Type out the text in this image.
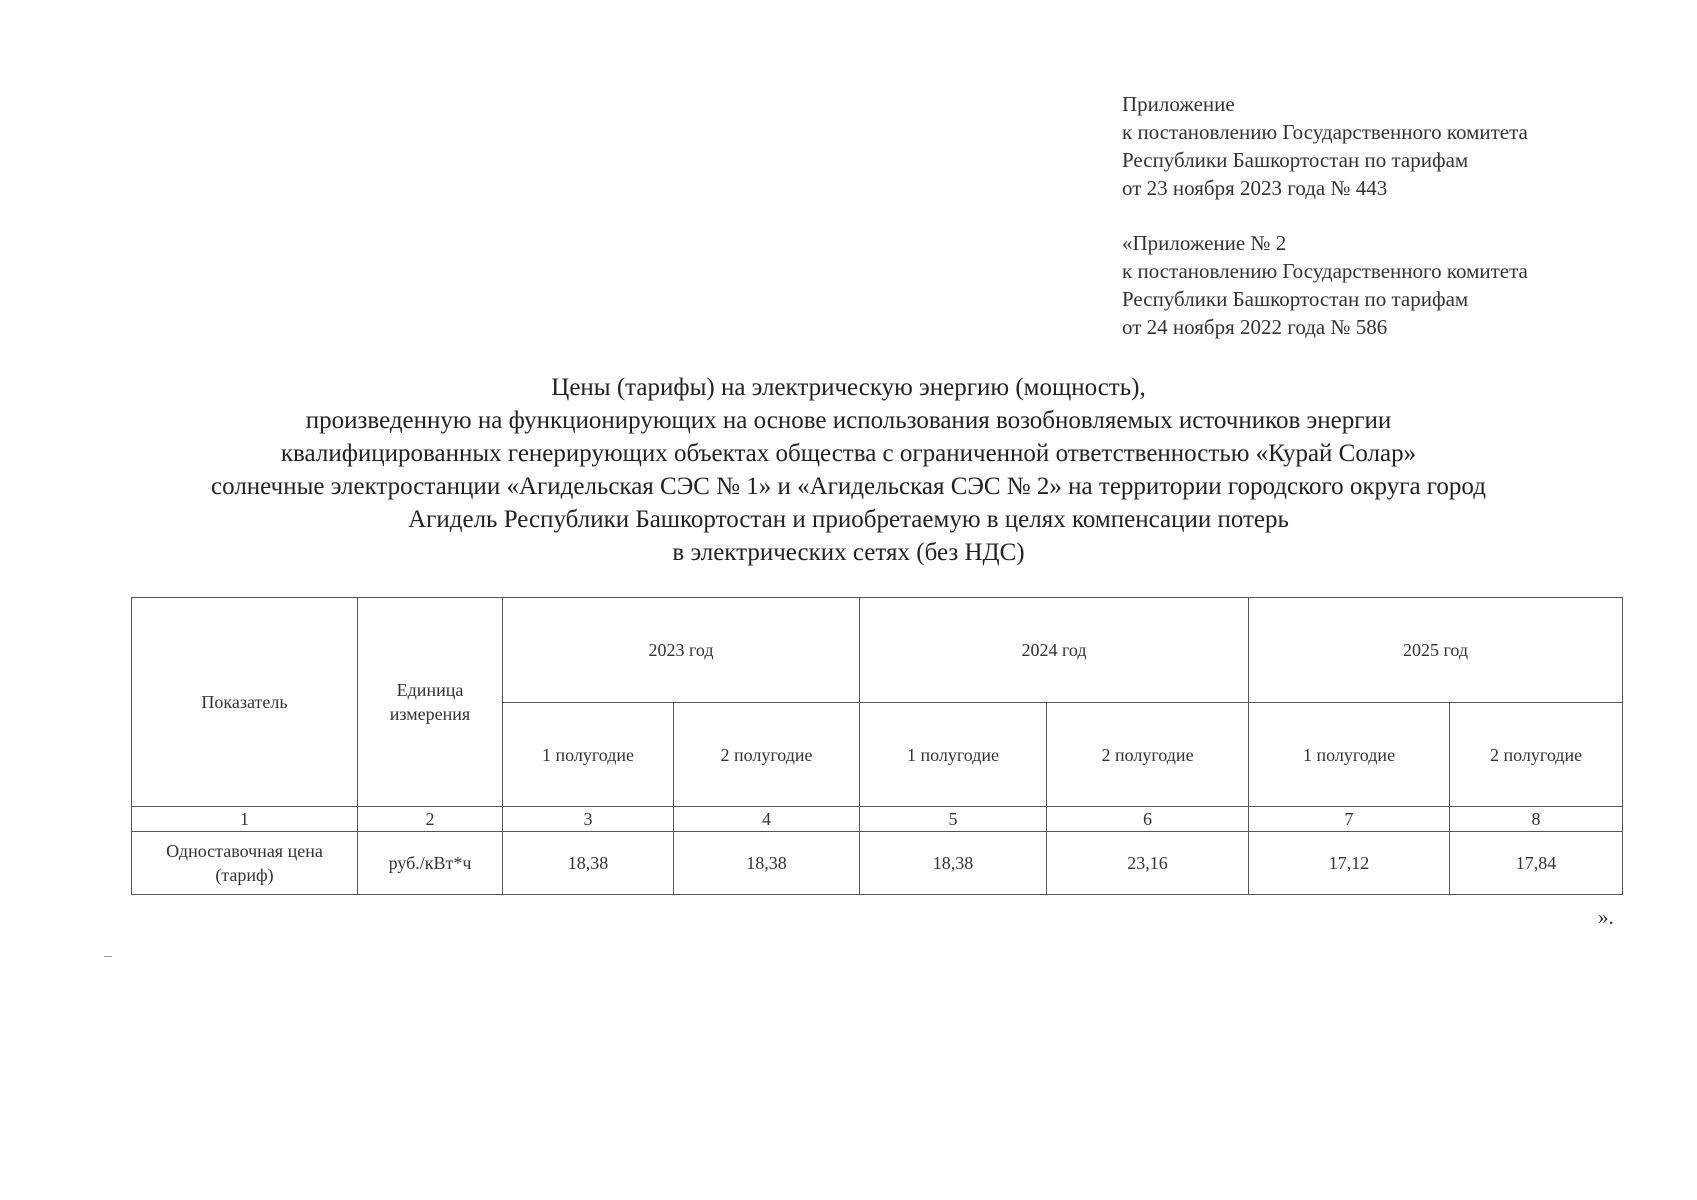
Приложение

к постановлению Государственного комитета

Республики Башкортостан по тарифам

от 23 ноября 2023 года № 443

«Приложение № 2

к постановлению Государственного комитета

Республики Башкортостан по тарифам

от 24 ноября 2022 года № 586

Цены (тарифы) на электрическую энергию (мощность),

произведенную на функционирующих на основе использования возобновляемых источников энергии

квалифицированных генерирующих объектах общества с ограниченной ответственностью «Курай Солар»

солнечные электростанции «Агидельская СЭС № 1» и «Агидельская СЭС № 2» на территории городского округа город

Агидель Республики Башкортостан и приобретаемую в целях компенсации потерь

в электрических сетях (без НДС)

Показатель	Единица измерения	2023 год		2024 год		2025 год	
		1 полугодие	2 полугодие	1 полугодие	2 полугодие	1 полугодие	2 полугодие
1	2	3	4	5	6	7	8
Одноставочная цена (тариф)	руб./кВт*ч	18,38	18,38	18,38	23,16	17,12	17,84
».
